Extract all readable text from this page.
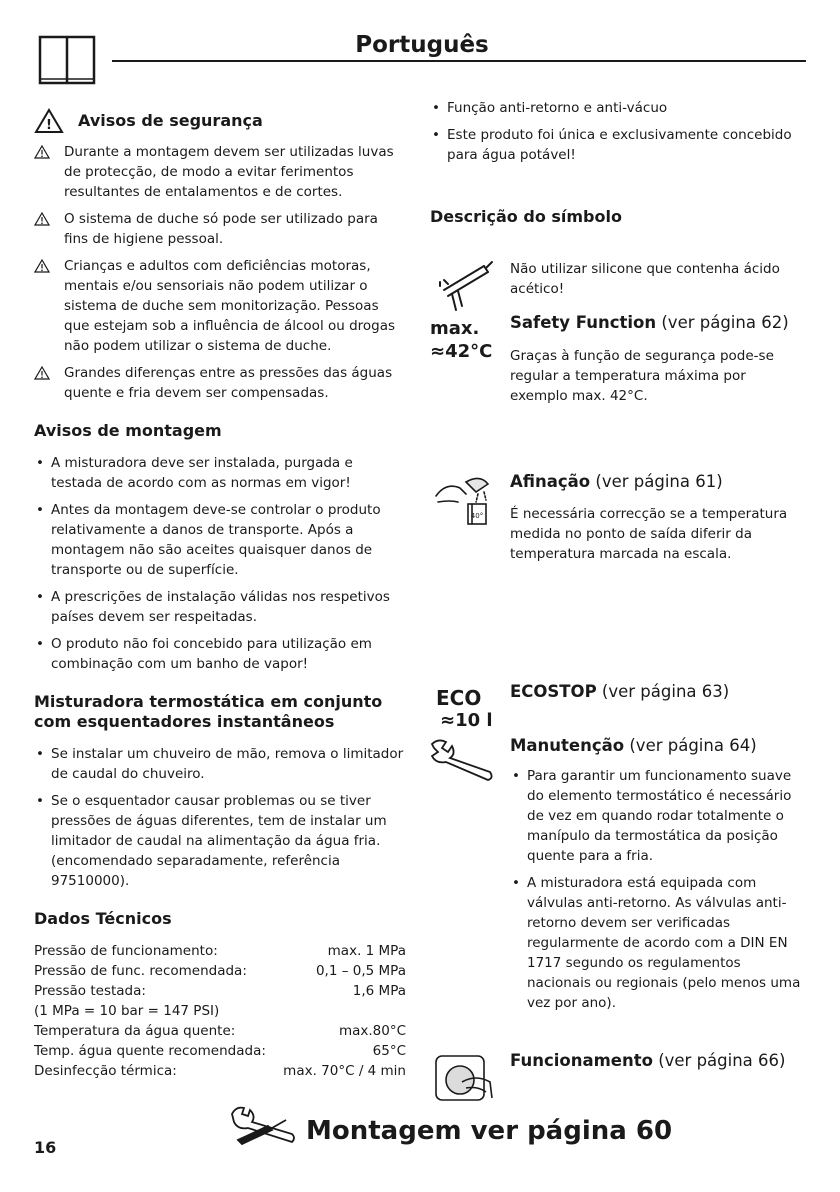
Português
! Avisos de segurança
Durante a montagem devem ser utilizadas luvas de protecção, de modo a evitar ferimentos resultantes de entalamentos e de cortes.
O sistema de duche só pode ser utilizado para fins de higiene pessoal.
Crianças e adultos com deficiências motoras, mentais e/ou sensoriais não podem utilizar o sistema de duche sem monitorização. Pessoas que estejam sob a influência de álcool ou drogas não podem utilizar o sistema de duche.
Grandes diferenças entre as pressões das águas quente e fria devem ser compensadas.
Avisos de montagem
• A misturadora deve ser instalada, purgada e testada de acordo com as normas em vigor!
• Antes da montagem deve-se controlar o produto relativamente a danos de transporte. Após a montagem não são aceites quaisquer danos de transporte ou de superfície.
• A prescrições de instalação válidas nos respetivos países devem ser respeitadas.
• O produto não foi concebido para utilização em combinação com um banho de vapor!
Misturadora termostática em conjunto com esquentadores instantâneos
• Se instalar um chuveiro de mão, remova o limitador de caudal do chuveiro.
• Se o esquentador causar problemas ou se tiver pressões de águas diferentes, tem de instalar um limitador de caudal na alimentação da água fria. (encomendado separadamente, referência 97510000).
Dados Técnicos
Pressão de funcionamento:	max. 1 MPa
Pressão de func. recomendada:	0,1 – 0,5 MPa
Pressão testada:	1,6 MPa
(1 MPa = 10 bar = 147 PSI)
Temperatura da água quente:	max.80°C
Temp. água quente recomendada:	65°C
Desinfecção térmica:	max. 70°C / 4 min
• Função anti-retorno e anti-vácuo
• Este produto foi única e exclusivamente concebido para água potável!
Descrição do símbolo
Não utilizar silicone que contenha ácido acético!
max.
≈42°C
Safety Function (ver página 62)
Graças à função de segurança pode-se regular a temperatura máxima por exemplo max. 42°C.
40°
Afinação (ver página 61)
É necessária correcção se a temperatura medida no ponto de saída diferir da temperatura marcada na escala.
ECO
≈10 l
ECOSTOP (ver página 63)
Manutenção (ver página 64)
• Para garantir um funcionamento suave do elemento termostático é necessário de vez em quando rodar totalmente o manípulo da termostática da posição quente para a fria.
• A misturadora está equipada com válvulas anti-retorno. As válvulas anti-retorno devem ser verificadas regularmente de acordo com a DIN EN 1717 segundo os regulamentos nacionais ou regionais (pelo menos uma vez por ano).
Funcionamento (ver página 66)
Montagem ver página 60
16
